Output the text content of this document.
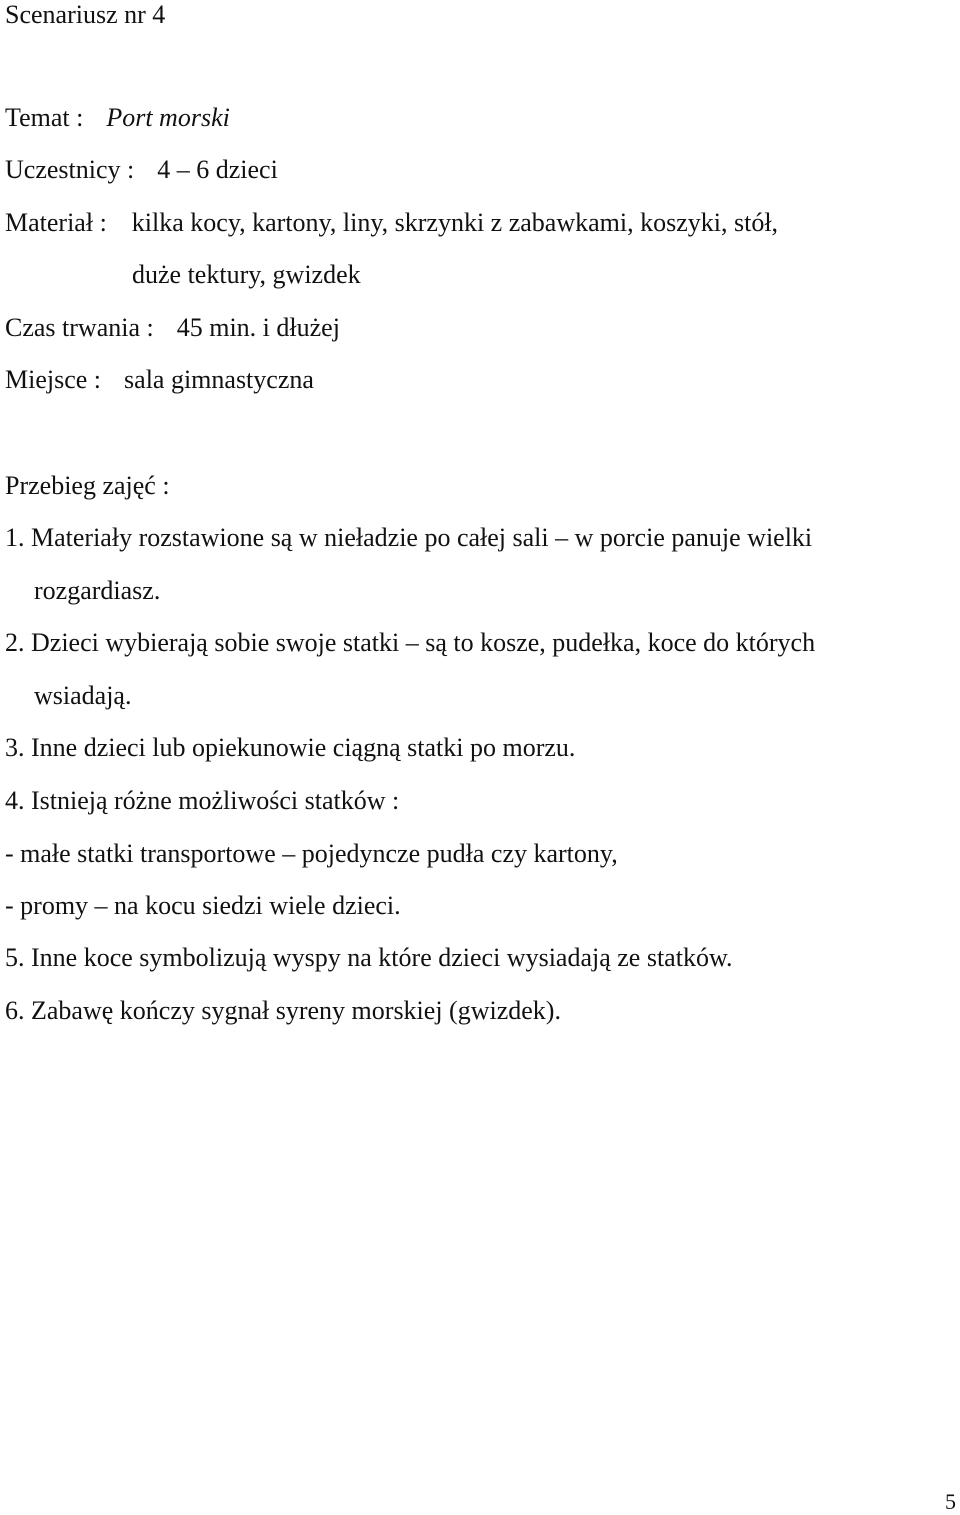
Scenariusz nr 4
Temat : Port morski
Uczestnicy : 4 – 6 dzieci
Materiał : kilka kocy, kartony, liny, skrzynki z zabawkami, koszyki, stół,
duże tektury, gwizdek
Czas trwania : 45 min. i dłużej
Miejsce : sala gimnastyczna
Przebieg zajęć :
1. Materiały rozstawione są w nieładzie po całej sali – w porcie panuje wielki
rozgardiasz.
2. Dzieci wybierają sobie swoje statki – są to kosze, pudełka, koce do których
wsiadają.
3. Inne dzieci lub opiekunowie ciągną statki po morzu.
4. Istnieją różne możliwości statków :
- małe statki transportowe – pojedyncze pudła czy kartony,
- promy – na kocu siedzi wiele dzieci.
5. Inne koce symbolizują wyspy na które dzieci wysiadają ze statków.
6. Zabawę kończy sygnał syreny morskiej (gwizdek).
5
